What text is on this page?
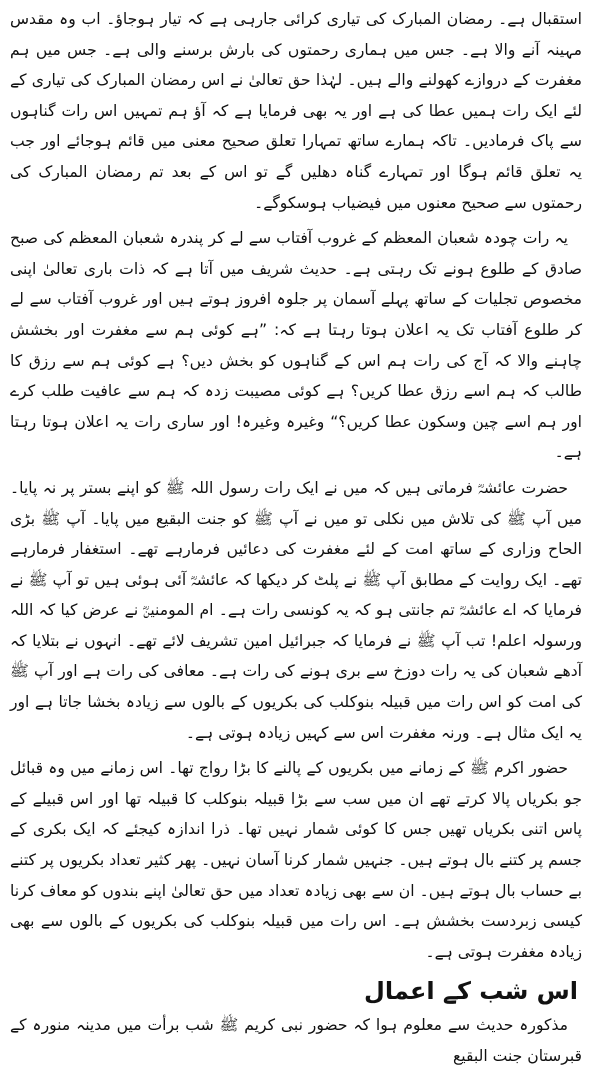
استقبال ہے۔ رمضان المبارک کی تیاری کرائی جارہی ہے کہ تیار ہوجاؤ۔ اب وہ مقدس مہینہ آنے والا ہے۔ جس میں ہماری رحمتوں کی بارش برسنے والی ہے۔ جس میں ہم مغفرت کے دروازے کھولنے والے ہیں۔ لہٰذا حق تعالیٰ نے اس رمضان المبارک کی تیاری کے لئے ایک رات ہمیں عطا کی ہے اور یہ بھی فرمایا ہے کہ آؤ ہم تمہیں اس رات گناہوں سے پاک فرمادیں۔ تاکہ ہمارے ساتھ تمہارا تعلق صحیح معنی میں قائم ہوجائے اور جب یہ تعلق قائم ہوگا اور تمہارے گناہ دھلیں گے تو اس کے بعد تم رمضان المبارک کی رحمتوں سے صحیح معنوں میں فیضیاب ہوسکوگے۔

یہ رات چودہ شعبان المعظم کے غروب آفتاب سے لے کر پندرہ شعبان المعظم کی صبح صادق کے طلوع ہونے تک رہتی ہے۔ حدیث شریف میں آتا ہے کہ ذات باری تعالیٰ اپنی مخصوص تجلیات کے ساتھ پہلے آسمان پر جلوہ افروز ہوتے ہیں اور غروب آفتاب سے لے کر طلوع آفتاب تک یہ اعلان ہوتا رہتا ہے کہ: ”ہے کوئی ہم سے مغفرت اور بخشش چاہنے والا کہ آج کی رات ہم اس کے گناہوں کو بخش دیں؟ ہے کوئی ہم سے رزق کا طالب کہ ہم اسے رزق عطا کریں؟ ہے کوئی مصیبت زدہ کہ ہم سے عافیت طلب کرے اور ہم اسے چین وسکون عطا کریں؟“ وغیرہ وغیرہ! اور ساری رات یہ اعلان ہوتا رہتا ہے۔

حضرت عائشہؓ فرماتی ہیں کہ میں نے ایک رات رسول اللہ ﷺ کو اپنے بستر پر نہ پایا۔ میں آپ ﷺ کی تلاش میں نکلی تو میں نے آپ ﷺ کو جنت البقیع میں پایا۔ آپ ﷺ بڑی الحاح وزاری کے ساتھ امت کے لئے مغفرت کی دعائیں فرمارہے تھے۔ استغفار فرمارہے تھے۔ ایک روایت کے مطابق آپ ﷺ نے پلٹ کر دیکھا کہ عائشہؓ آئی ہوئی ہیں تو آپ ﷺ نے فرمایا کہ اے عائشہؓ تم جانتی ہو کہ یہ کونسی رات ہے۔ ام المومنینؓ نے عرض کیا کہ اللہ ورسولہ اعلم! تب آپ ﷺ نے فرمایا کہ جبرائیل امین تشریف لائے تھے۔ انہوں نے بتلایا کہ آدھے شعبان کی یہ رات دوزخ سے بری ہونے کی رات ہے۔ معافی کی رات ہے اور آپ ﷺ کی امت کو اس رات میں قبیلہ بنوکلب کی بکریوں کے بالوں سے زیادہ بخشا جاتا ہے اور یہ ایک مثال ہے۔ ورنہ مغفرت اس سے کہیں زیادہ ہوتی ہے۔

حضور اکرم ﷺ کے زمانے میں بکریوں کے پالنے کا بڑا رواج تھا۔ اس زمانے میں وہ قبائل جو بکریاں پالا کرتے تھے ان میں سب سے بڑا قبیلہ بنوکلب کا قبیلہ تھا اور اس قبیلے کے پاس اتنی بکریاں تھیں جس کا کوئی شمار نہیں تھا۔ ذرا اندازہ کیجئے کہ ایک بکری کے جسم پر کتنے بال ہوتے ہیں۔ جنہیں شمار کرنا آسان نہیں۔ پھر کثیر تعداد بکریوں پر کتنے بے حساب بال ہوتے ہیں۔ ان سے بھی زیادہ تعداد میں حق تعالیٰ اپنے بندوں کو معاف کرنا کیسی زبردست بخشش ہے۔ اس رات میں قبیلہ بنوکلب کی بکریوں کے بالوں سے بھی زیادہ مغفرت ہوتی ہے۔

اس شب کے اعمال

مذکورہ حدیث سے معلوم ہوا کہ حضور نبی کریم ﷺ شب برأت میں مدینہ منورہ کے قبرستان جنت البقیع
